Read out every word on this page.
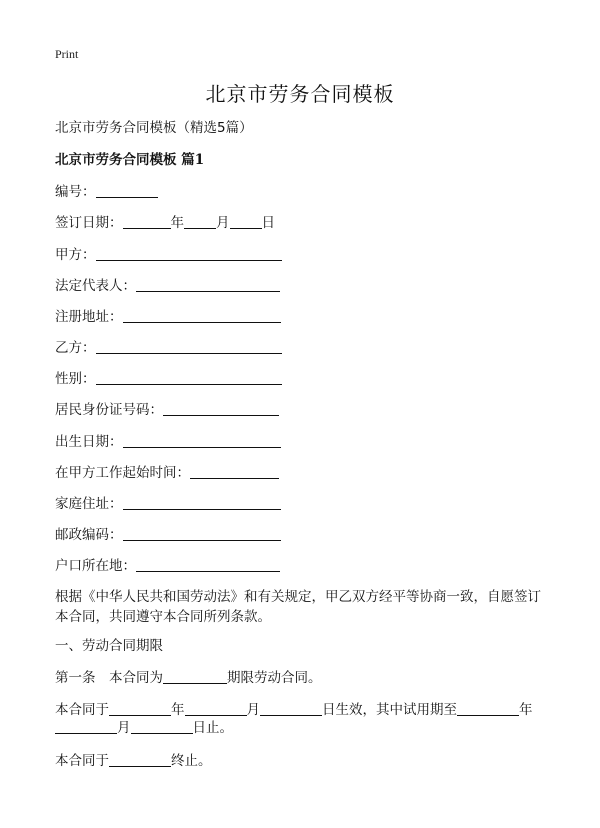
Print
北京市劳务合同模板
北京市劳务合同模板（精选5篇）
北京市劳务合同模板 篇1
编号：
签订日期：	年 月 日
甲方：
法定代表人：
注册地址：
乙方：
性别：
居民身份证号码：
出生日期：
在甲方工作起始时间：
家庭住址：
邮政编码：
户口所在地：
根据《中华人民共和国劳动法》和有关规定，甲乙双方经平等协商一致，自愿签订本合同，共同遵守本合同所列条款。
一、劳动合同期限
第一条　本合同为	期限劳动合同。
本合同于	年	月	日生效，其中试用期至	年
月	日止。
本合同于	终止。
